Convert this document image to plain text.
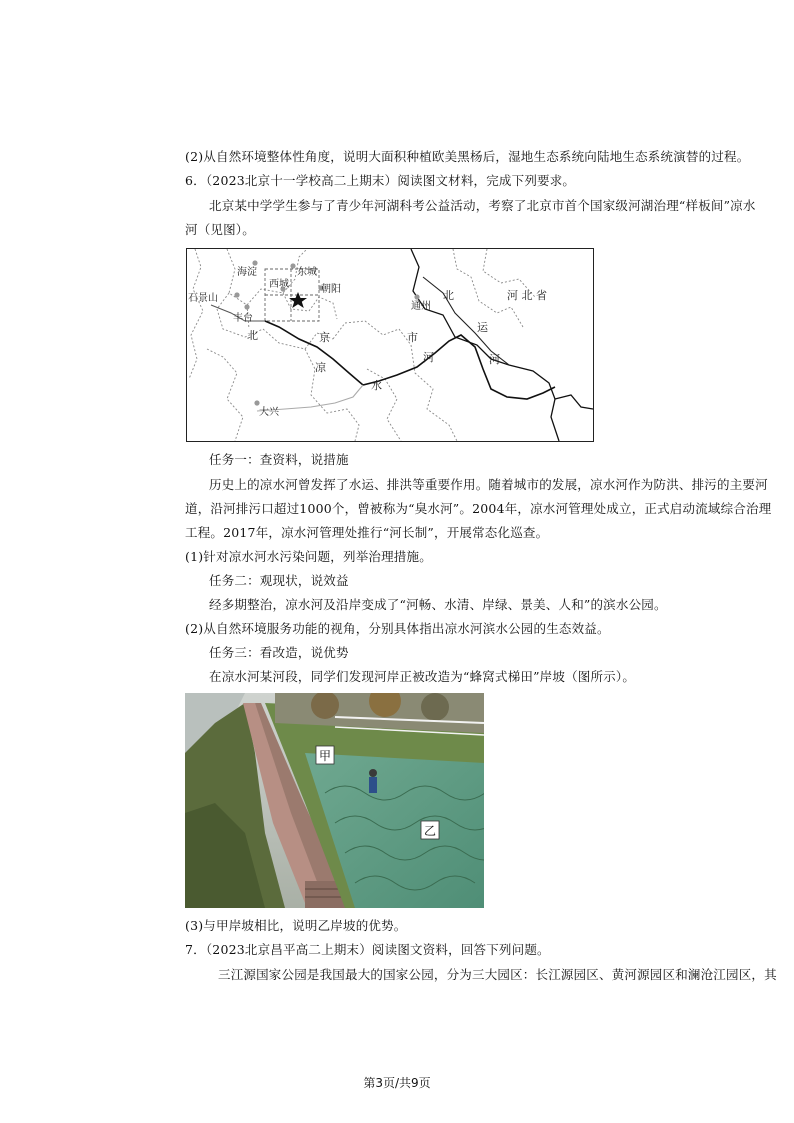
(2)从自然环境整体性角度，说明大面积种植欧美黑杨后，湿地生态系统向陆地生态系统演替的过程。
6．（2023北京十一学校高二上期末）阅读图文材料，完成下列要求。
北京某中学学生参与了青少年河湖科考公益活动，考察了北京市首个国家级河湖治理“样板间”凉水
河（见图）。
海淀	东城
西城	朝阳
石景山
丰台
通州
大兴
北	京	市
北
运
河
河 北 省
凉
水
河
任务一：查资料，说措施
历史上的凉水河曾发挥了水运、排洪等重要作用。随着城市的发展，凉水河作为防洪、排污的主要河
道，沿河排污口超过1000个，曾被称为“臭水河”。2004年，凉水河管理处成立，正式启动流域综合治理
工程。2017年，凉水河管理处推行“河长制”，开展常态化巡查。
(1)针对凉水河水污染问题，列举治理措施。
任务二：观现状，说效益
经多期整治，凉水河及沿岸变成了“河畅、水清、岸绿、景美、人和”的滨水公园。
(2)从自然环境服务功能的视角，分别具体指出凉水河滨水公园的生态效益。
任务三：看改造，说优势
在凉水河某河段，同学们发现河岸正被改造为“蜂窝式梯田”岸坡（图所示）。
甲
乙
(3)与甲岸坡相比，说明乙岸坡的优势。
7．（2023北京昌平高二上期末）阅读图文资料，回答下列问题。
三江源国家公园是我国最大的国家公园，分为三大园区：长江源园区、黄河源园区和澜沧江园区，其
第3页/共9页
